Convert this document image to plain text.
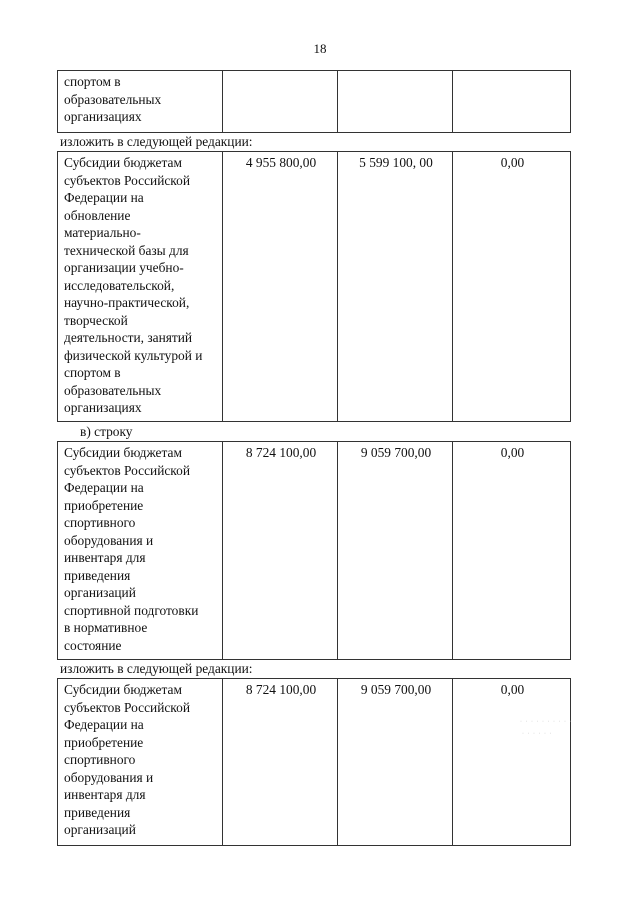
18
спортом в
образовательных
организациях
изложить в следующей редакции:
Субсидии бюджетам
субъектов Российской
Федерации на
обновление
материально-
технической базы для
организации учебно-
исследовательской,
научно-практической,
творческой
деятельности, занятий
физической культурой и
спортом в
образовательных
организациях
4 955 800,00	5 599 100, 00	0,00
в) строку
Субсидии бюджетам
субъектов Российской
Федерации на
приобретение
спортивного
оборудования и
инвентаря для
приведения
организаций
спортивной подготовки
в нормативное
состояние
8 724 100,00	9 059 700,00	0,00
изложить в следующей редакции:
Субсидии бюджетам
субъектов Российской
Федерации на
приобретение
спортивного
оборудования и
инвентаря для
приведения
организаций
8 724 100,00	9 059 700,00	0,00
· · · · · · · · · ·
· · · · · ·
